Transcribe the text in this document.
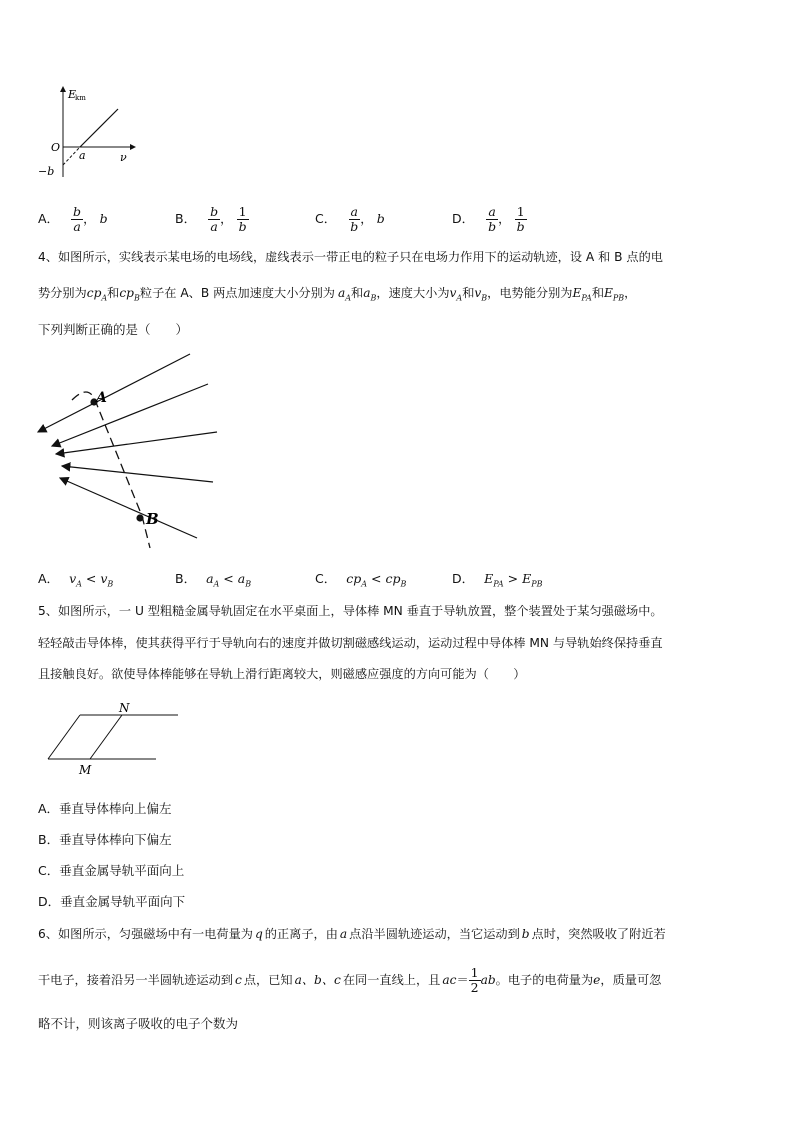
E
km
O
ν
a
−b
A． $\frac{b}{a}$ ， b	B． $\frac{b}{a}$ ， $\frac{1}{b}$	C． $\frac{a}{b}$ ， b	D． $\frac{a}{b}$ ， $\frac{1}{b}$
4、如图所示，实线表示某电场的电场线，虚线表示一带正电的粒子只在电场力作用下的运动轨迹，设 A 和 B 点的电
势分别为$cp_A$和$cp_B$粒子在 A、B 两点加速度大小分别为 $a_A$和$a_B$，速度大小为$v_A$和$v_B$，电势能分别为$E_{PA}$和$E_{PB}$，
下列判断正确的是（　　）
A
B
A． $v_A < v_B$	B． $a_A < a_B$	C． $cp_A < cp_B$	D． $E_{PA} > E_{PB}$
5、如图所示，一 U 型粗糙金属导轨固定在水平桌面上，导体棒 MN 垂直于导轨放置，整个装置处于某匀强磁场中。
轻轻敲击导体棒，使其获得平行于导轨向右的速度并做切割磁感线运动，运动过程中导体棒 MN 与导轨始终保持垂直
且接触良好。欲使导体棒能够在导轨上滑行距离较大，则磁感应强度的方向可能为（　　）
N
M
A．垂直导体棒向上偏左
B．垂直导体棒向下偏左
C．垂直金属导轨平面向上
D．垂直金属导轨平面向下
6、如图所示，匀强磁场中有一电荷量为 q 的正离子，由 a 点沿半圆轨迹运动，当它运动到 b 点时，突然吸收了附近若
干电子，接着沿另一半圆轨迹运动到 c 点，已知 a、b、c 在同一直线上，且 ac ＝ $\frac{1}{2}$ ab 。电子的电荷量为 e ，质量可忽
略不计，则该离子吸收的电子个数为
